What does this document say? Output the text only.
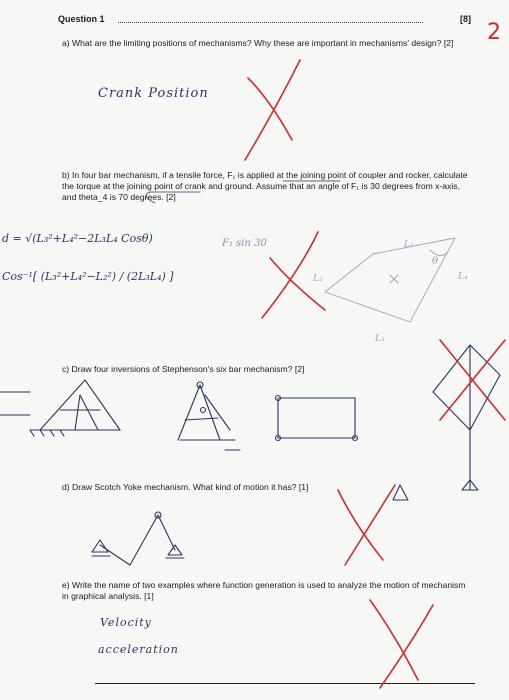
Question 1	[8]
2
a) What are the limiting positions of mechanisms? Why these are important in mechanisms' design? [2]
Crank Position
b) In four bar mechanism, if a tensile force, F₁ is applied at the joining point of coupler and rocker, calculate the torque at the joining point of crank and ground. Assume that an angle of F₁ is 30 degrees from x-axis, and theta_4 is 70 degrees. [2]
d = √(L₃²+L₄²−2L₃L₄ Cosθ)
Cos⁻¹[ (L₃²+L₄²−L₂²) / (2L₃L₄) ]
F₁ sin 30	L₁
L₂
L₃
L₄
θ
c) Draw four inversions of Stephenson's six bar mechanism? [2]
d) Draw Scotch Yoke mechanism. What kind of motion it has? [1]
e) Write the name of two examples where function generation is used to analyze the motion of mechanism in graphical analysis. [1]
Velocity
acceleration
